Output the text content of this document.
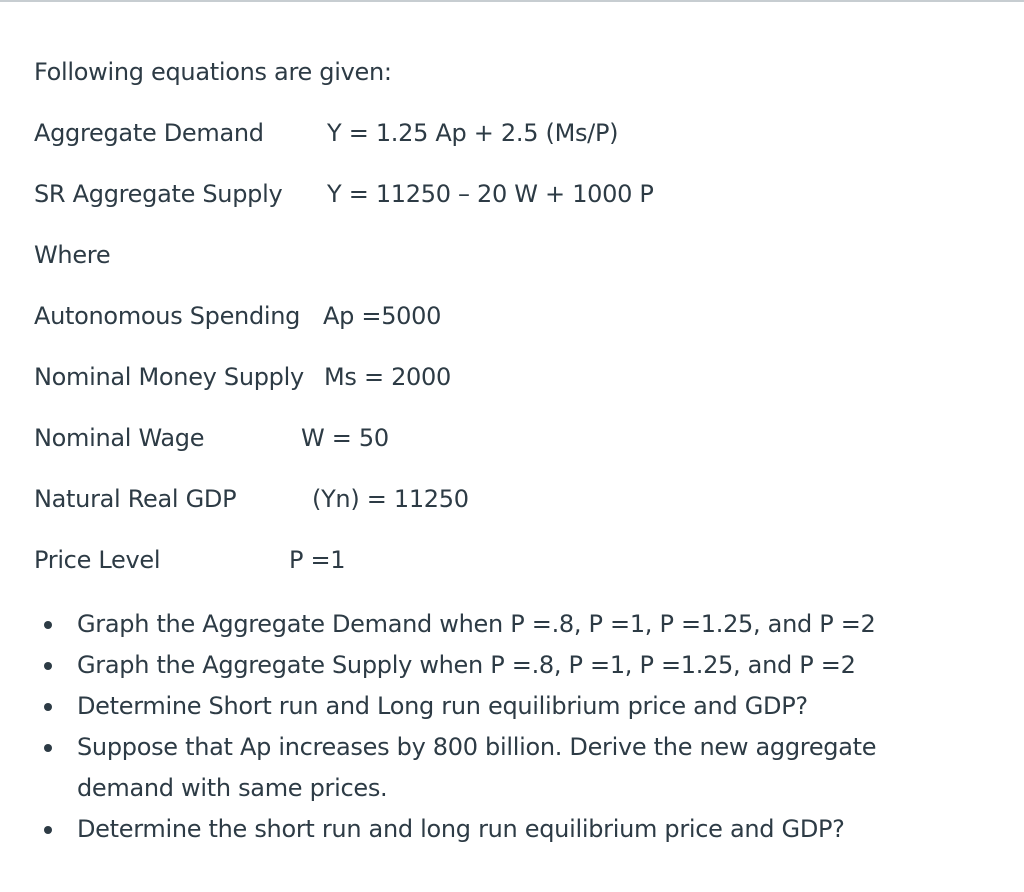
Following equations are given:
Aggregate Demand	Y = 1.25 Ap + 2.5 (Ms/P)
SR Aggregate Supply Y = 11250 – 20 W + 1000 P
Where
Autonomous Spending Ap =5000
Nominal Money Supply Ms = 2000
Nominal Wage	W = 50
Natural Real GDP	(Yn) = 11250
Price Level	P =1
Graph the Aggregate Demand when P =.8, P =1, P =1.25, and P =2
Graph the Aggregate Supply when P =.8, P =1, P =1.25, and P =2
Determine Short run and Long run equilibrium price and GDP?
Suppose that Ap increases by 800 billion. Derive the new aggregate demand with same prices.
Determine the short run and long run equilibrium price and GDP?
